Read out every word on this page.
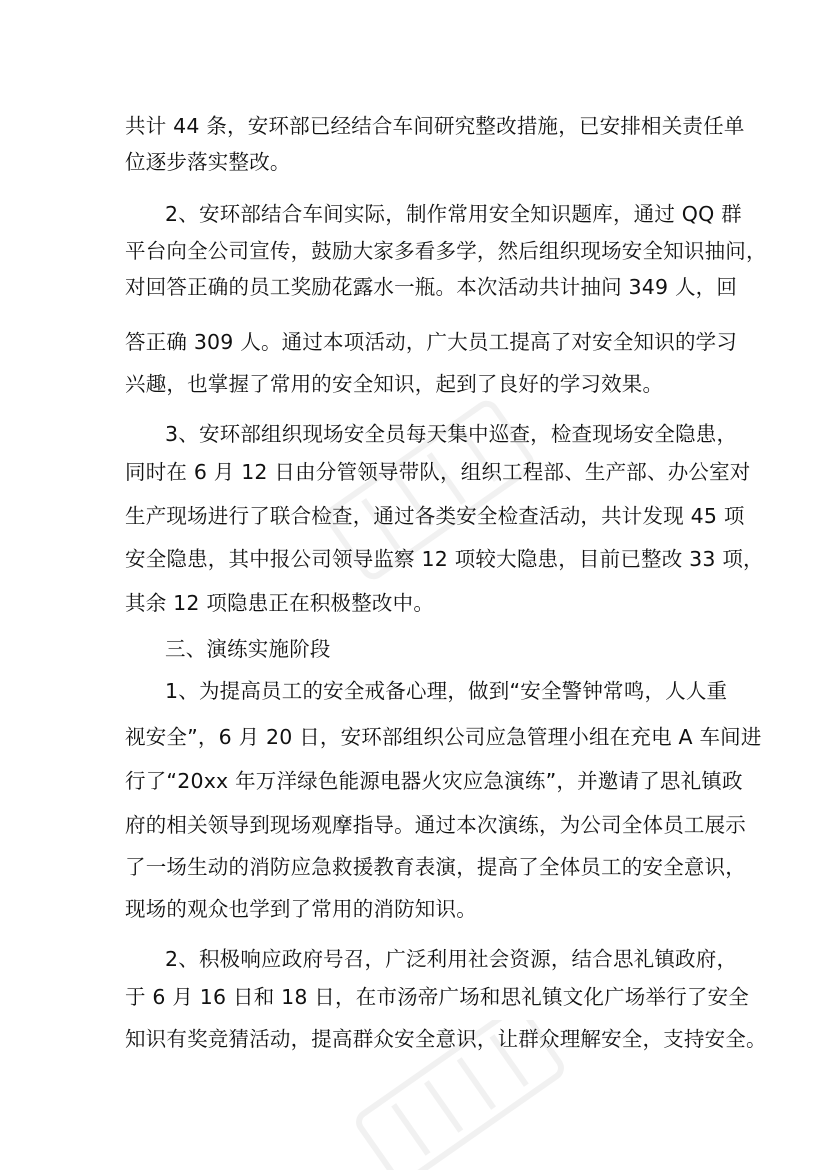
共计 44 条，安环部已经结合车间研究整改措施，已安排相关责任单
位逐步落实整改。
2、安环部结合车间实际，制作常用安全知识题库，通过 QQ 群
平台向全公司宣传，鼓励大家多看多学，然后组织现场安全知识抽问，
对回答正确的员工奖励花露水一瓶。本次活动共计抽问 349 人，回
答正确 309 人。通过本项活动，广大员工提高了对安全知识的学习
兴趣，也掌握了常用的安全知识，起到了良好的学习效果。
3、安环部组织现场安全员每天集中巡查，检查现场安全隐患，
同时在 6 月 12 日由分管领导带队，组织工程部、生产部、办公室对
生产现场进行了联合检查，通过各类安全检查活动，共计发现 45 项
安全隐患，其中报公司领导监察 12 项较大隐患，目前已整改 33 项，
其余 12 项隐患正在积极整改中。
三、演练实施阶段
1、为提高员工的安全戒备心理，做到“安全警钟常鸣，人人重
视安全”，6 月 20 日，安环部组织公司应急管理小组在充电 A 车间进
行了“20xx 年万洋绿色能源电器火灾应急演练”，并邀请了思礼镇政
府的相关领导到现场观摩指导。通过本次演练，为公司全体员工展示
了一场生动的消防应急救援教育表演，提高了全体员工的安全意识，
现场的观众也学到了常用的消防知识。
2、积极响应政府号召，广泛利用社会资源，结合思礼镇政府，
于 6 月 16 日和 18 日，在市汤帝广场和思礼镇文化广场举行了安全
知识有奖竞猜活动，提高群众安全意识，让群众理解安全，支持安全。
